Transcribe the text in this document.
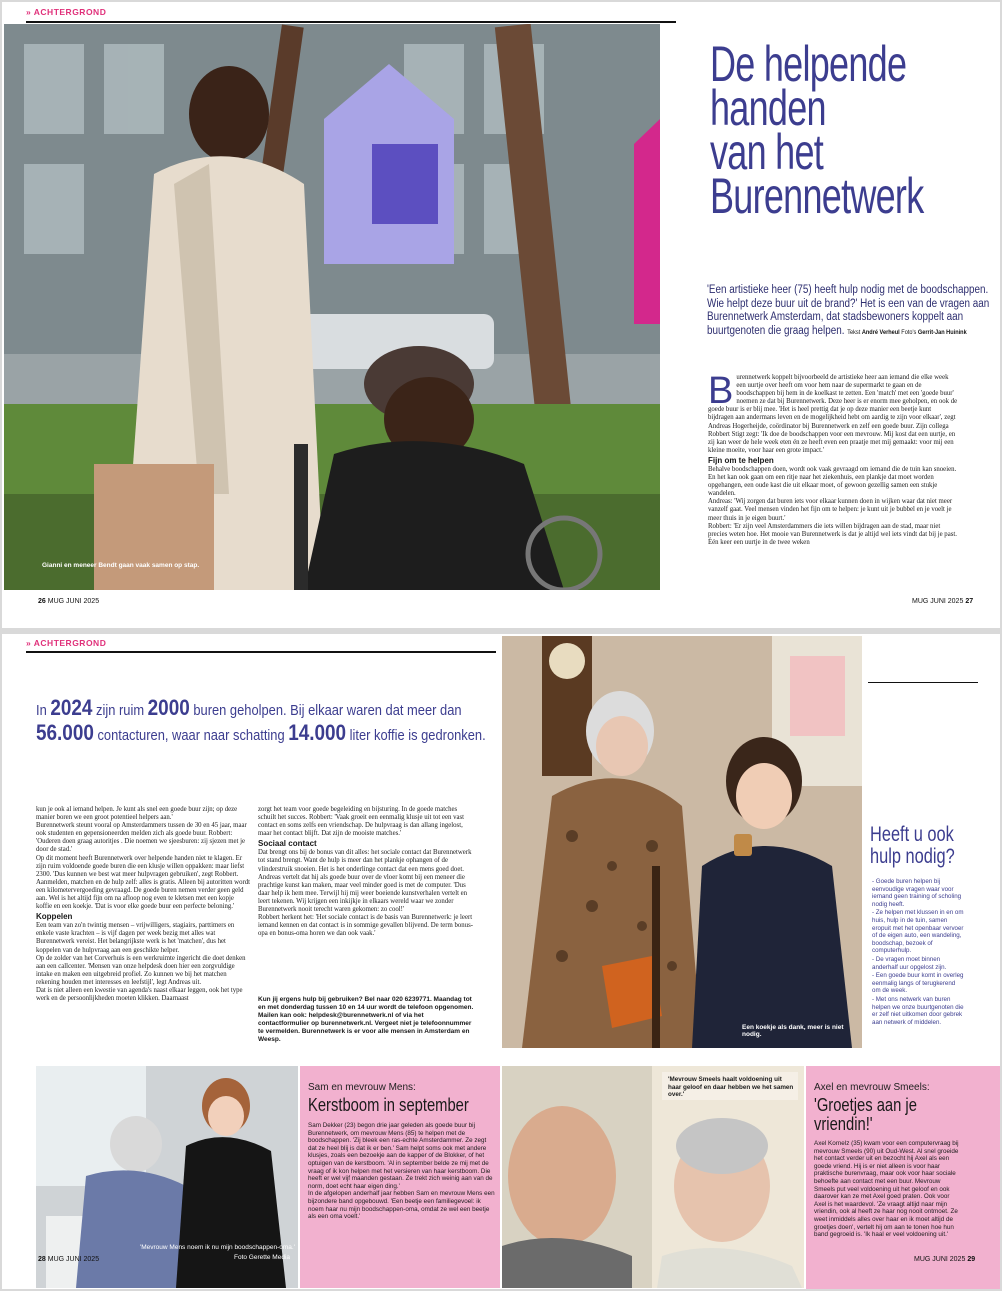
» ACHTERGROND
Gianni en meneer Bendt gaan vaak samen op stap.
De helpende
handen
van het
Burennetwerk
'Een artistieke heer (75) heeft hulp nodig met de boodschappen. Wie helpt deze buur uit de brand?' Het is een van de vragen aan Burennetwerk Amsterdam, dat stadsbewoners koppelt aan buurtgenoten die graag helpen. Tekst André Verheul Foto's Gerrit-Jan Huinink

Burennetwerk koppelt bijvoorbeeld de artistieke heer aan iemand die elke week een uurtje over heeft om voor hem naar de supermarkt te gaan en de boodschappen bij hem in de koelkast te zetten. Een 'match' met een 'goede buur' noemen ze dat bij Burennetwerk. Deze heer is er enorm mee geholpen, en ook de goede buur is er blij mee. 'Het is heel prettig dat je op deze manier een beetje kunt bijdragen aan andermans leven en de mogelijkheid hebt om aardig te zijn voor elkaar', zegt Andreas Hogerheijde, coördinator bij Burennetwerk en zelf een goede buur. Zijn collega Robbert Stigt zegt: 'Ik doe de boodschappen voor een mevrouw. Mij kost dat een uurtje, en zij kan weer de hele week eten én ze heeft even een praatje met mij gemaakt: voor mij een kleine moeite, voor haar een grote impact.'

Fijn om te helpen

Behalve boodschappen doen, wordt ook vaak gevraagd om iemand die de tuin kan snoeien. En het kan ook gaan om een ritje naar het ziekenhuis, een plankje dat moet worden opgehangen, een oude kast die uit elkaar moet, of gewoon gezellig samen een stukje wandelen.

Andreas: 'Wij zorgen dat buren iets voor elkaar kunnen doen in wijken waar dat niet meer vanzelf gaat. Veel mensen vinden het fijn om te helpen: je kunt uit je bubbel en je voelt je meer thuis in je eigen buurt.'

Robbert: 'Er zijn veel Amsterdammers die iets willen bijdragen aan de stad, maar niet precies weten hoe. Het mooie van Burennetwerk is dat je altijd wel iets vindt dat bij je past. Één keer een uurtje in de twee weken

26 MUG JUNI 2025	MUG JUNI 2025 27
» ACHTERGROND
In 2024 zijn ruim 2000 buren geholpen. Bij elkaar waren dat meer dan
56.000 contacturen, waar naar schatting 14.000 liter koffie is gedronken.

kun je ook al iemand helpen. Je kunt als snel een goede buur zijn; op deze manier boren we een groot potentieel helpers aan.'

Burennetwerk steunt vooral op Amsterdammers tussen de 30 en 45 jaar, maar ook studenten en gepensioneerden melden zich als goede buur. Robbert: 'Ouderen doen graag autoritjes . Die noemen we sjeesburen: zij sjezen met je door de stad.'

Op dit moment heeft Burennetwerk over helpende handen niet te klagen. Er zijn ruim voldoende goede buren die een klusje willen oppakken: maar liefst 2300. 'Dus kunnen we best wat meer hulpvragen gebruiken', zegt Robbert. Aanmelden, matchen en de hulp zelf: alles is gratis. Alleen bij autoritten wordt een kilometervergoeding gevraagd. De goede buren nemen verder geen geld aan. Wel is het altijd fijn om na afloop nog even te kletsen met een kopje koffie en een koekje. 'Dat is voor elke goede buur een perfecte beloning.'

Koppelen

Een team van zo'n twintig mensen – vrijwilligers, stagiairs, parttimers en enkele vaste krachten – is vijf dagen per week bezig met alles wat Burennetwerk vereist. Het belangrijkste werk is het 'matchen', dus het koppelen van de hulpvraag aan een geschikte helper.

Op de zolder van het Corverhuis is een werkruimte ingericht die doet denken aan een callcenter. 'Mensen van onze helpdesk doen hier een zorgvuldige intake en maken een uitgebreid profiel. Zo kunnen we bij het matchen rekening houden met interesses en leefstijl', legt Andreas uit.

Dat is niet alleen een kwestie van agenda's naast elkaar leggen, ook het type werk en de persoonlijkheden moeten klikken. Daarnaast

zorgt het team voor goede begeleiding en bijsturing. In de goede matches schuilt het succes. Robbert: 'Vaak groeit een eenmalig klusje uit tot een vast contact en soms zelfs een vriendschap. De hulpvraag is dan allang ingelost, maar het contact blijft. Dat zijn de mooiste matches.'

Sociaal contact

Dat brengt ons bij de bonus van dit alles: het sociale contact dat Burennetwerk tot stand brengt. Want de hulp is meer dan het plankje ophangen of de vlinderstruik snoeien. Het is het onderlinge contact dat een mens goed doet. Andreas vertelt dat hij als goede buur over de vloer komt bij een meneer die prachtige kunst kan maken, maar veel minder goed is met de computer. 'Dus daar help ik hem mee. Terwijl hij mij weer boeiende kunstverhalen vertelt en leert tekenen. Wij krijgen een inkijkje in elkaars wereld waar we zonder Burennetwerk nooit terecht waren gekomen: zo cool!'

Robbert herkent het: 'Het sociale contact is de basis van Burennetwerk: je leert iemand kennen en dat contact is in sommige gevallen blijvend. De term bonus-opa en bonus-oma horen we dan ook vaak.'

Kun jij ergens hulp bij gebruiken? Bel naar 020 6239771. Maandag tot en met donderdag tussen 10 en 14 uur wordt de telefoon opgenomen. Mailen kan ook: helpdesk@burennetwerk.nl of via het contactformulier op burennetwerk.nl. Vergeet niet je telefoonnummer te vermelden. Burennetwerk is er voor alle mensen in Amsterdam en Weesp.
Een koekje als dank, meer is niet nodig.
Heeft u ook
hulp nodig?
- Goede buren helpen bij eenvoudige vragen waar voor iemand geen training of scholing nodig heeft.
- Ze helpen met klussen in en om huis, hulp in de tuin, samen eropuit met het openbaar vervoer of de eigen auto, een wandeling, boodschap, bezoek of computerhulp.
- De vragen moet binnen anderhalf uur opgelost zijn.
- Een goede buur komt in overleg eenmalig langs of terugkerend om de week.
- Met ons netwerk van buren helpen we onze buurtgenoten die er zelf niet uitkomen door gebrek aan netwerk of middelen.
'Mevrouw Mens noem ik nu mijn boodschappen-oma.'
Foto Gerette Media
Sam en mevrouw Mens:
Kerstboom in september

Sam Dekker (23) begon drie jaar geleden als goede buur bij Burennetwerk, om mevrouw Mens (85) te helpen met de boodschappen. 'Zij bleek een ras-echte Amsterdammer. Ze zegt dat ze heel blij is dat ik er ben.' Sam helpt soms ook met andere klusjes, zoals een bezoekje aan de kapper of de Blokker, of het optuigen van de kerstboom. 'Al in september belde ze mij met de vraag of ik kon helpen met het versieren van haar kerstboom. Die heeft er wel vijf maanden gestaan. Ze trekt zich weinig aan van de norm, doet echt haar eigen ding.'

In de afgelopen anderhalf jaar hebben Sam en mevrouw Mens een bijzondere band opgebouwd. 'Een beetje een familiegevoel: ik noem haar nu mijn boodschappen-oma, omdat ze wel een beetje als een oma voelt.'

'Mevrouw Smeels haalt voldoening uit haar geloof en daar hebben we het samen over.'
Axel en mevrouw Smeels:
'Groetjes aan je
vriendin!'
Axel Kornelz (35) kwam voor een computervraag bij mevrouw Smeels (90) uit Oud-West. Al snel groeide het contact verder uit en bezocht hij Axel als een goede vriend. Hij is er niet alleen is voor haar praktische burenvraag, maar ook voor haar sociale behoefte aan contact met een buur. Mevrouw Smeels put veel voldoening uit het geloof en ook daarover kan ze met Axel goed praten. Ook voor Axel is het waardevol. 'Ze vraagt altijd naar mijn vriendin, ook al heeft ze haar nog nooit ontmoet. Ze weet inmiddels alles over haar en ik moet altijd de groetjes doen', vertelt hij om aan te tonen hoe hun band gegroeid is. 'Ik haal er veel voldoening uit.'
28 MUG JUNI 2025	MUG JUNI 2025 29
